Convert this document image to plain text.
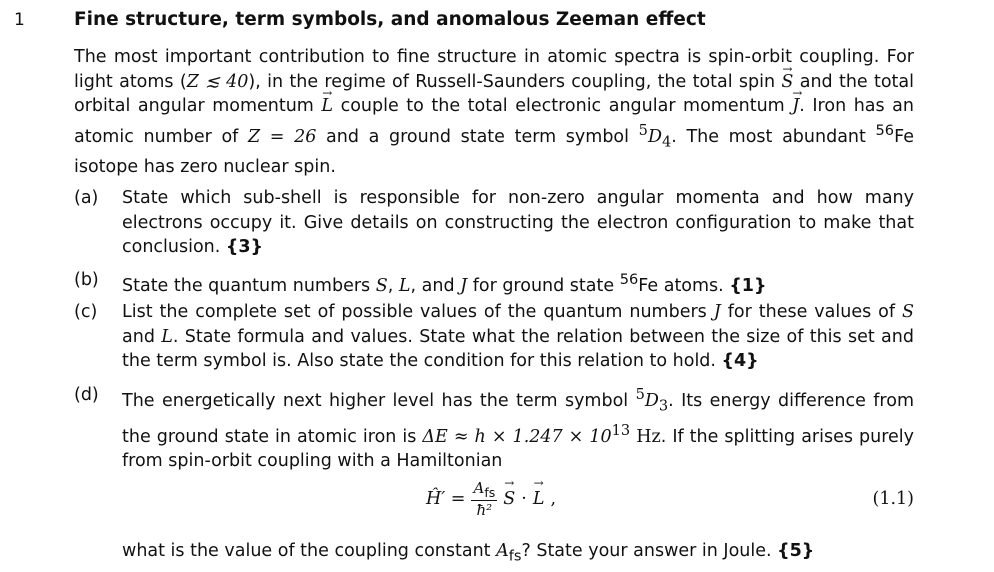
1	Fine structure, term symbols, and anomalous Zeeman effect
The most important contribution to fine structure in atomic spectra is spin-orbit coupling. For light atoms (Z ≲ 40), in the regime of Russell-Saunders coupling, the total spin → S and the total orbital angular momentum → L couple to the total electronic angular momentum → J. Iron has an atomic number of Z = 26 and a ground state term symbol $^5D_4$. The most abundant $^{56}$Fe isotope has zero nuclear spin.
(a)	State which sub-shell is responsible for non-zero angular momenta and how many electrons occupy it. Give details on constructing the electron configuration to make that conclusion. {3}
(b)	State the quantum numbers S, L, and J for ground state $^{56}$Fe atoms. {1}
(c)	List the complete set of possible values of the quantum numbers J for these values of S and L. State formula and values. State what the relation between the size of this set and the term symbol is. Also state the condition for this relation to hold. {4}
(d)	The energetically next higher level has the term symbol $^5D_3$. Its energy difference from the ground state in atomic iron is $\Delta E \approx h \times 1.247 \times 10^{13}$ Hz. If the splitting arises purely from spin-orbit coupling with a Hamiltonian
Ĥ′ = $\frac{A_{fs}}{\text{ħ²}}$
→ S ·
→ L ,	(1.1)
what is the value of the coupling constant $A_{fs}$? State your answer in Joule. {5}
